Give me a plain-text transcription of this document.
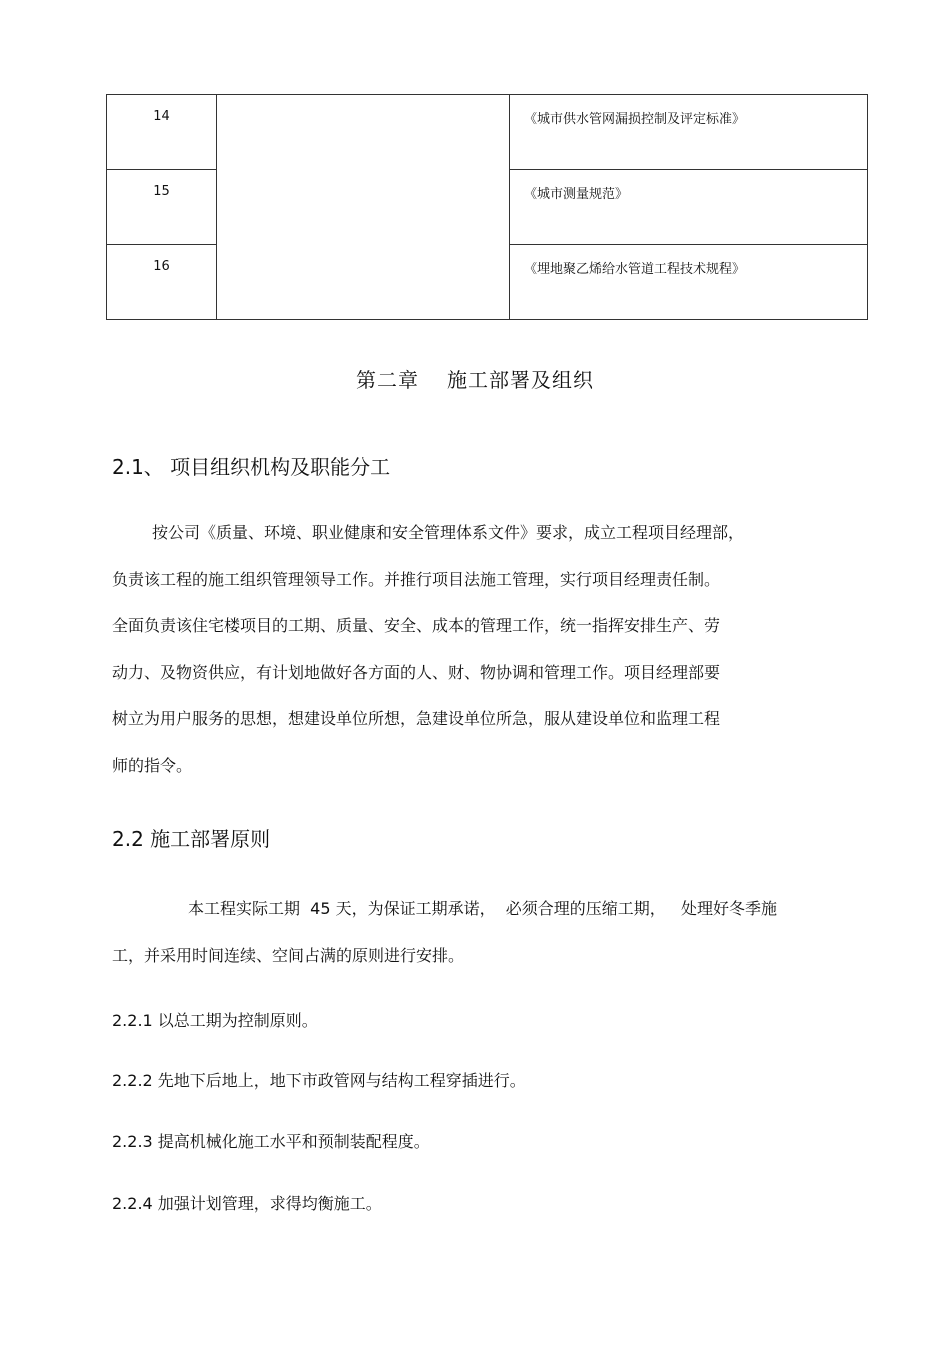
14		《城市供水管网漏损控制及评定标准》
15		《城市测量规范》
16		《埋地聚乙烯给水管道工程技术规程》
第二章 施工部署及组织
2.1、 项目组织机构及职能分工
按公司《质量、环境、职业健康和安全管理体系文件》要求，成立工程项目经理部，
负责该工程的施工组织管理领导工作。并推行项目法施工管理，实行项目经理责任制。
全面负责该住宅楼项目的工期、质量、安全、成本的管理工作，统一指挥安排生产、劳
动力、及物资供应，有计划地做好各方面的人、财、物协调和管理工作。项目经理部要
树立为用户服务的思想，想建设单位所想，急建设单位所急，服从建设单位和监理工程
师的指令。
2.2 施工部署原则
本工程实际工期  45 天，为保证工期承诺，  必须合理的压缩工期，   处理好冬季施
工，并采用时间连续、空间占满的原则进行安排。
2.2.1 以总工期为控制原则。
2.2.2 先地下后地上，地下市政管网与结构工程穿插进行。
2.2.3 提高机械化施工水平和预制装配程度。
2.2.4 加强计划管理，求得均衡施工。
